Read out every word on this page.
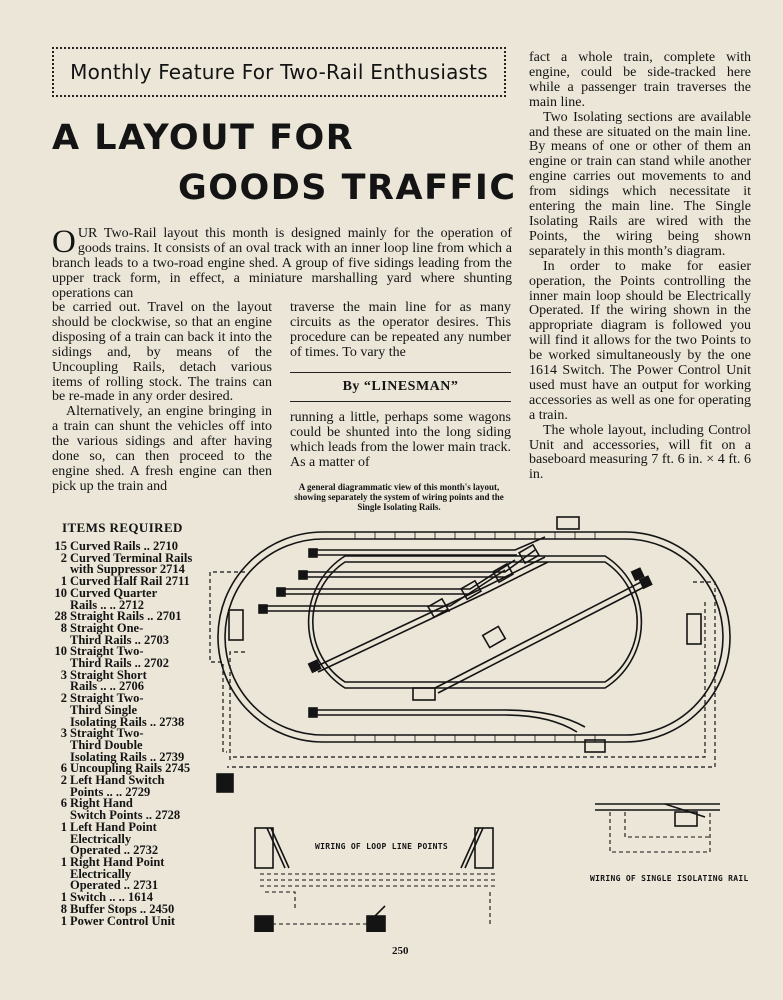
Monthly Feature For Two-Rail Enthusiasts
A LAYOUT FOR
GOODS TRAFFIC

OUR Two-Rail layout this month is designed mainly for the operation of goods trains. It consists of an oval track with an inner loop line from which a branch leads to a two-road engine shed. A group of five sidings leading from the upper track form, in effect, a miniature marshalling yard where shunting operations can

be carried out. Travel on the layout should be clockwise, so that an engine disposing of a train can back it into the sidings and, by means of the Uncoupling Rails, detach various items of rolling stock. The trains can be re-made in any order desired.

Alternatively, an engine bringing in a train can shunt the vehicles off into the various sidings and after having done so, can then proceed to the engine shed. A fresh engine can then pick up the train and

traverse the main line for as many circuits as the operator desires. This procedure can be repeated any number of times. To vary the

By “LINESMAN”

running a little, perhaps some wagons could be shunted into the long siding which leads from the lower main track. As a matter of

A general diagrammatic view of this month's layout, showing separately the system of wiring points and the Single Isolating Rails.

fact a whole train, complete with engine, could be side-tracked here while a passenger train traverses the main line.

Two Isolating sections are available and these are situated on the main line. By means of one or other of them an engine or train can stand while another engine carries out movements to and from sidings which necessitate it entering the main line. The Single Isolating Rails are wired with the Points, the wiring being shown separately in this month’s diagram.

In order to make for easier operation, the Points controlling the inner main loop should be Electrically Operated. If the wiring shown in the appropriate diagram is followed you will find it allows for the two Points to be worked simultaneously by the one 1614 Switch. The Power Control Unit used must have an output for working accessories as well as one for operating a train.

The whole layout, including Control Unit and accessories, will fit on a baseboard measuring 7 ft. 6 in. × 4 ft. 6 in.

ITEMS REQUIRED
15 Curved Rails .. 2710
2 Curved Terminal Rails
with Suppressor 2714
1 Curved Half Rail 2711
10 Curved Quarter
Rails .. .. 2712
28 Straight Rails .. 2701
8 Straight One-
Third Rails .. 2703
10 Straight Two-
Third Rails .. 2702
3 Straight Short
Rails .. .. 2706
2 Straight Two-
Third Single
Isolating Rails .. 2738
3 Straight Two-
Third Double
Isolating Rails .. 2739
6 Uncoupling Rails 2745
2 Left Hand Switch
Points .. .. 2729
6 Right Hand
Switch Points .. 2728
1 Left Hand Point
Electrically
Operated .. 2732
1 Right Hand Point
Electrically
Operated .. 2731
1 Switch .. .. 1614
8 Buffer Stops .. 2450
1 Power Control Unit
WIRING OF LOOP LINE POINTS
WIRING OF SINGLE ISOLATING RAIL
250
